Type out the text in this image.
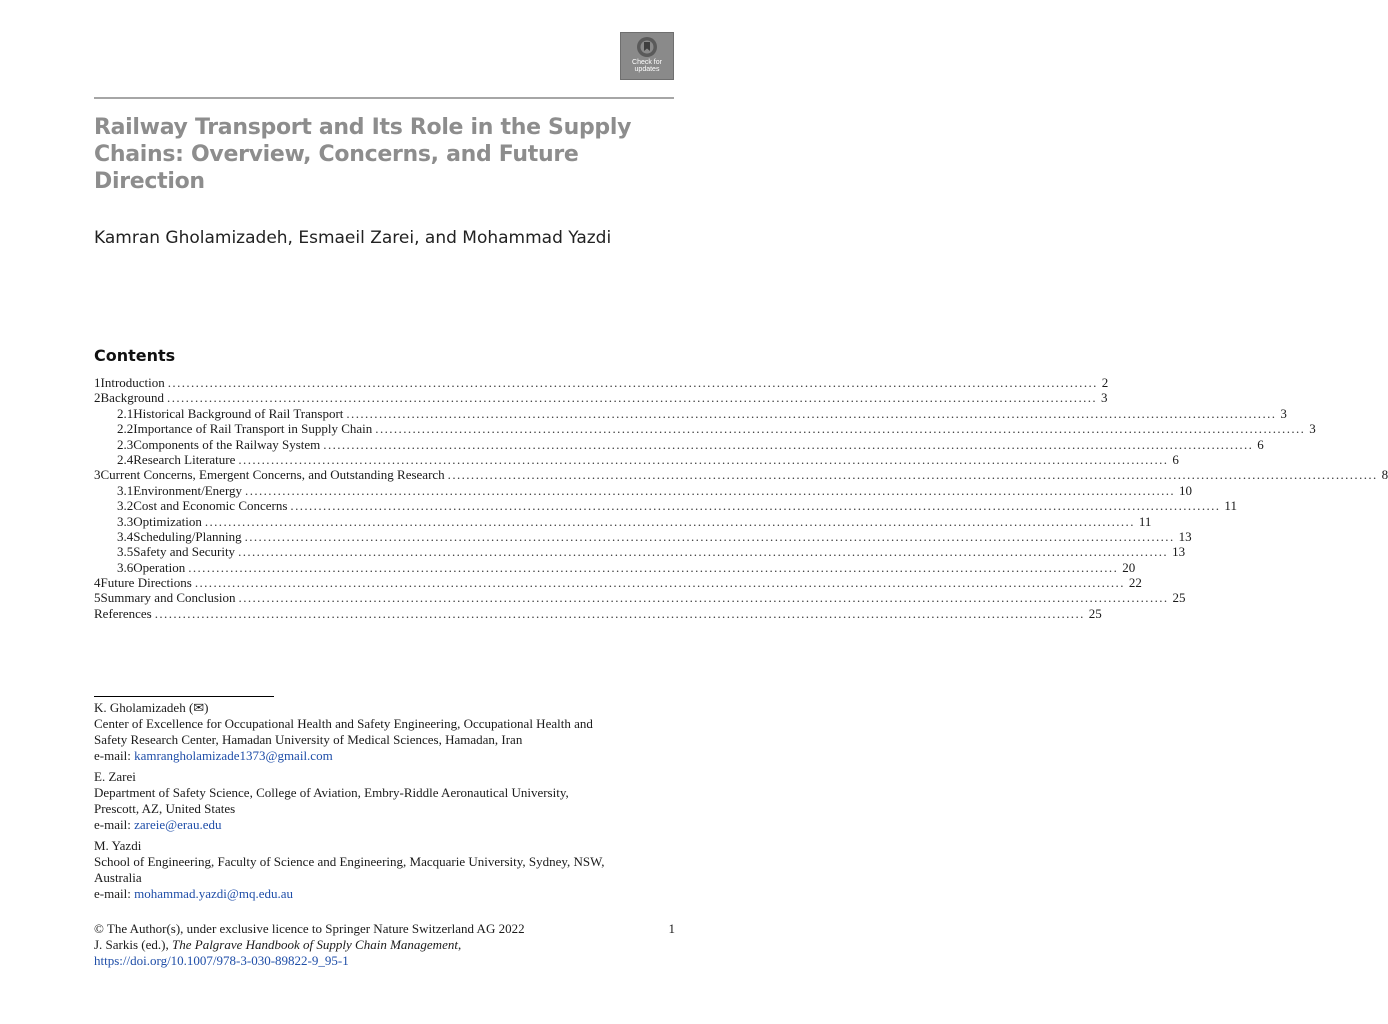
Check for
updates
Railway Transport and Its Role in the Supply
Chains: Overview, Concerns, and Future
Direction
Kamran Gholamizadeh, Esmaeil Zarei, and Mohammad Yazdi
Contents
1 Introduction ........................................................................................................................................................................................................ 2
2 Background ........................................................................................................................................................................................................ 3
2.1 Historical Background of Rail Transport ........................................................................................................................................................................................................ 3
2.2 Importance of Rail Transport in Supply Chain ........................................................................................................................................................................................................ 3
2.3 Components of the Railway System ........................................................................................................................................................................................................ 6
2.4 Research Literature ........................................................................................................................................................................................................ 6
3 Current Concerns, Emergent Concerns, and Outstanding Research ........................................................................................................................................................................................................ 8
3.1 Environment/Energy ........................................................................................................................................................................................................ 10
3.2 Cost and Economic Concerns ........................................................................................................................................................................................................ 11
3.3 Optimization ........................................................................................................................................................................................................ 11
3.4 Scheduling/Planning ........................................................................................................................................................................................................ 13
3.5 Safety and Security ........................................................................................................................................................................................................ 13
3.6 Operation ........................................................................................................................................................................................................ 20
4 Future Directions ........................................................................................................................................................................................................ 22
5 Summary and Conclusion ........................................................................................................................................................................................................ 25
References ........................................................................................................................................................................................................ 25

K. Gholamizadeh (✉)

Center of Excellence for Occupational Health and Safety Engineering, Occupational Health and

Safety Research Center, Hamadan University of Medical Sciences, Hamadan, Iran

e-mail: kamrangholamizade1373@gmail.com

E. Zarei

Department of Safety Science, College of Aviation, Embry-Riddle Aeronautical University,

Prescott, AZ, United States

e-mail: zareie@erau.edu

M. Yazdi

School of Engineering, Faculty of Science and Engineering, Macquarie University, Sydney, NSW,

Australia

e-mail: mohammad.yazdi@mq.edu.au

© The Author(s), under exclusive licence to Springer Nature Switzerland AG 2022	1

J. Sarkis (ed.), The Palgrave Handbook of Supply Chain Management,

https://doi.org/10.1007/978-3-030-89822-9_95-1
